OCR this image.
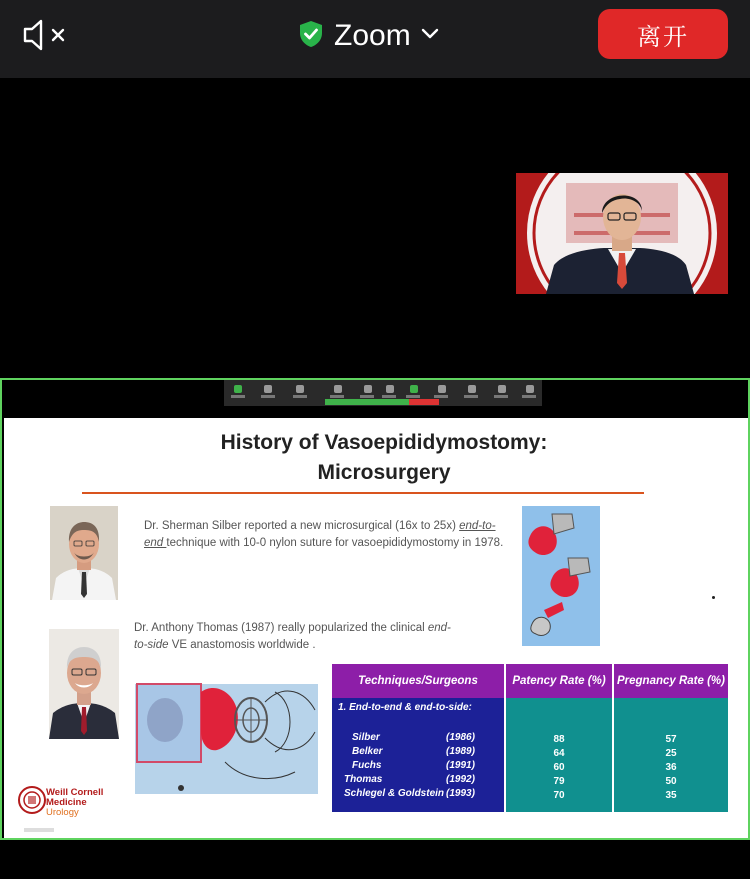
Zoom	离开
History of Vasoepididymostomy:
Microsurgery
Dr. Sherman Silber reported a new microsurgical (16x to 25x) end-to-end technique with 10-0 nylon suture for vasoepididymostomy in 1978.
Dr. Anthony Thomas (1987) really popularized the clinical end-to-side VE anastomosis worldwide .
Techniques/Surgeons	Patency Rate (%) Pregnancy Rate (%)
1. End-to-end & end-to-side:
Silber	(1986)	88	57
Belker	(1989)	64	25
Fuchs	(1991)	60	36
Thomas	(1992)	79	50
Schlegel & Goldstein (1993)	70	35
Weill Cornell
Medicine
Urology
